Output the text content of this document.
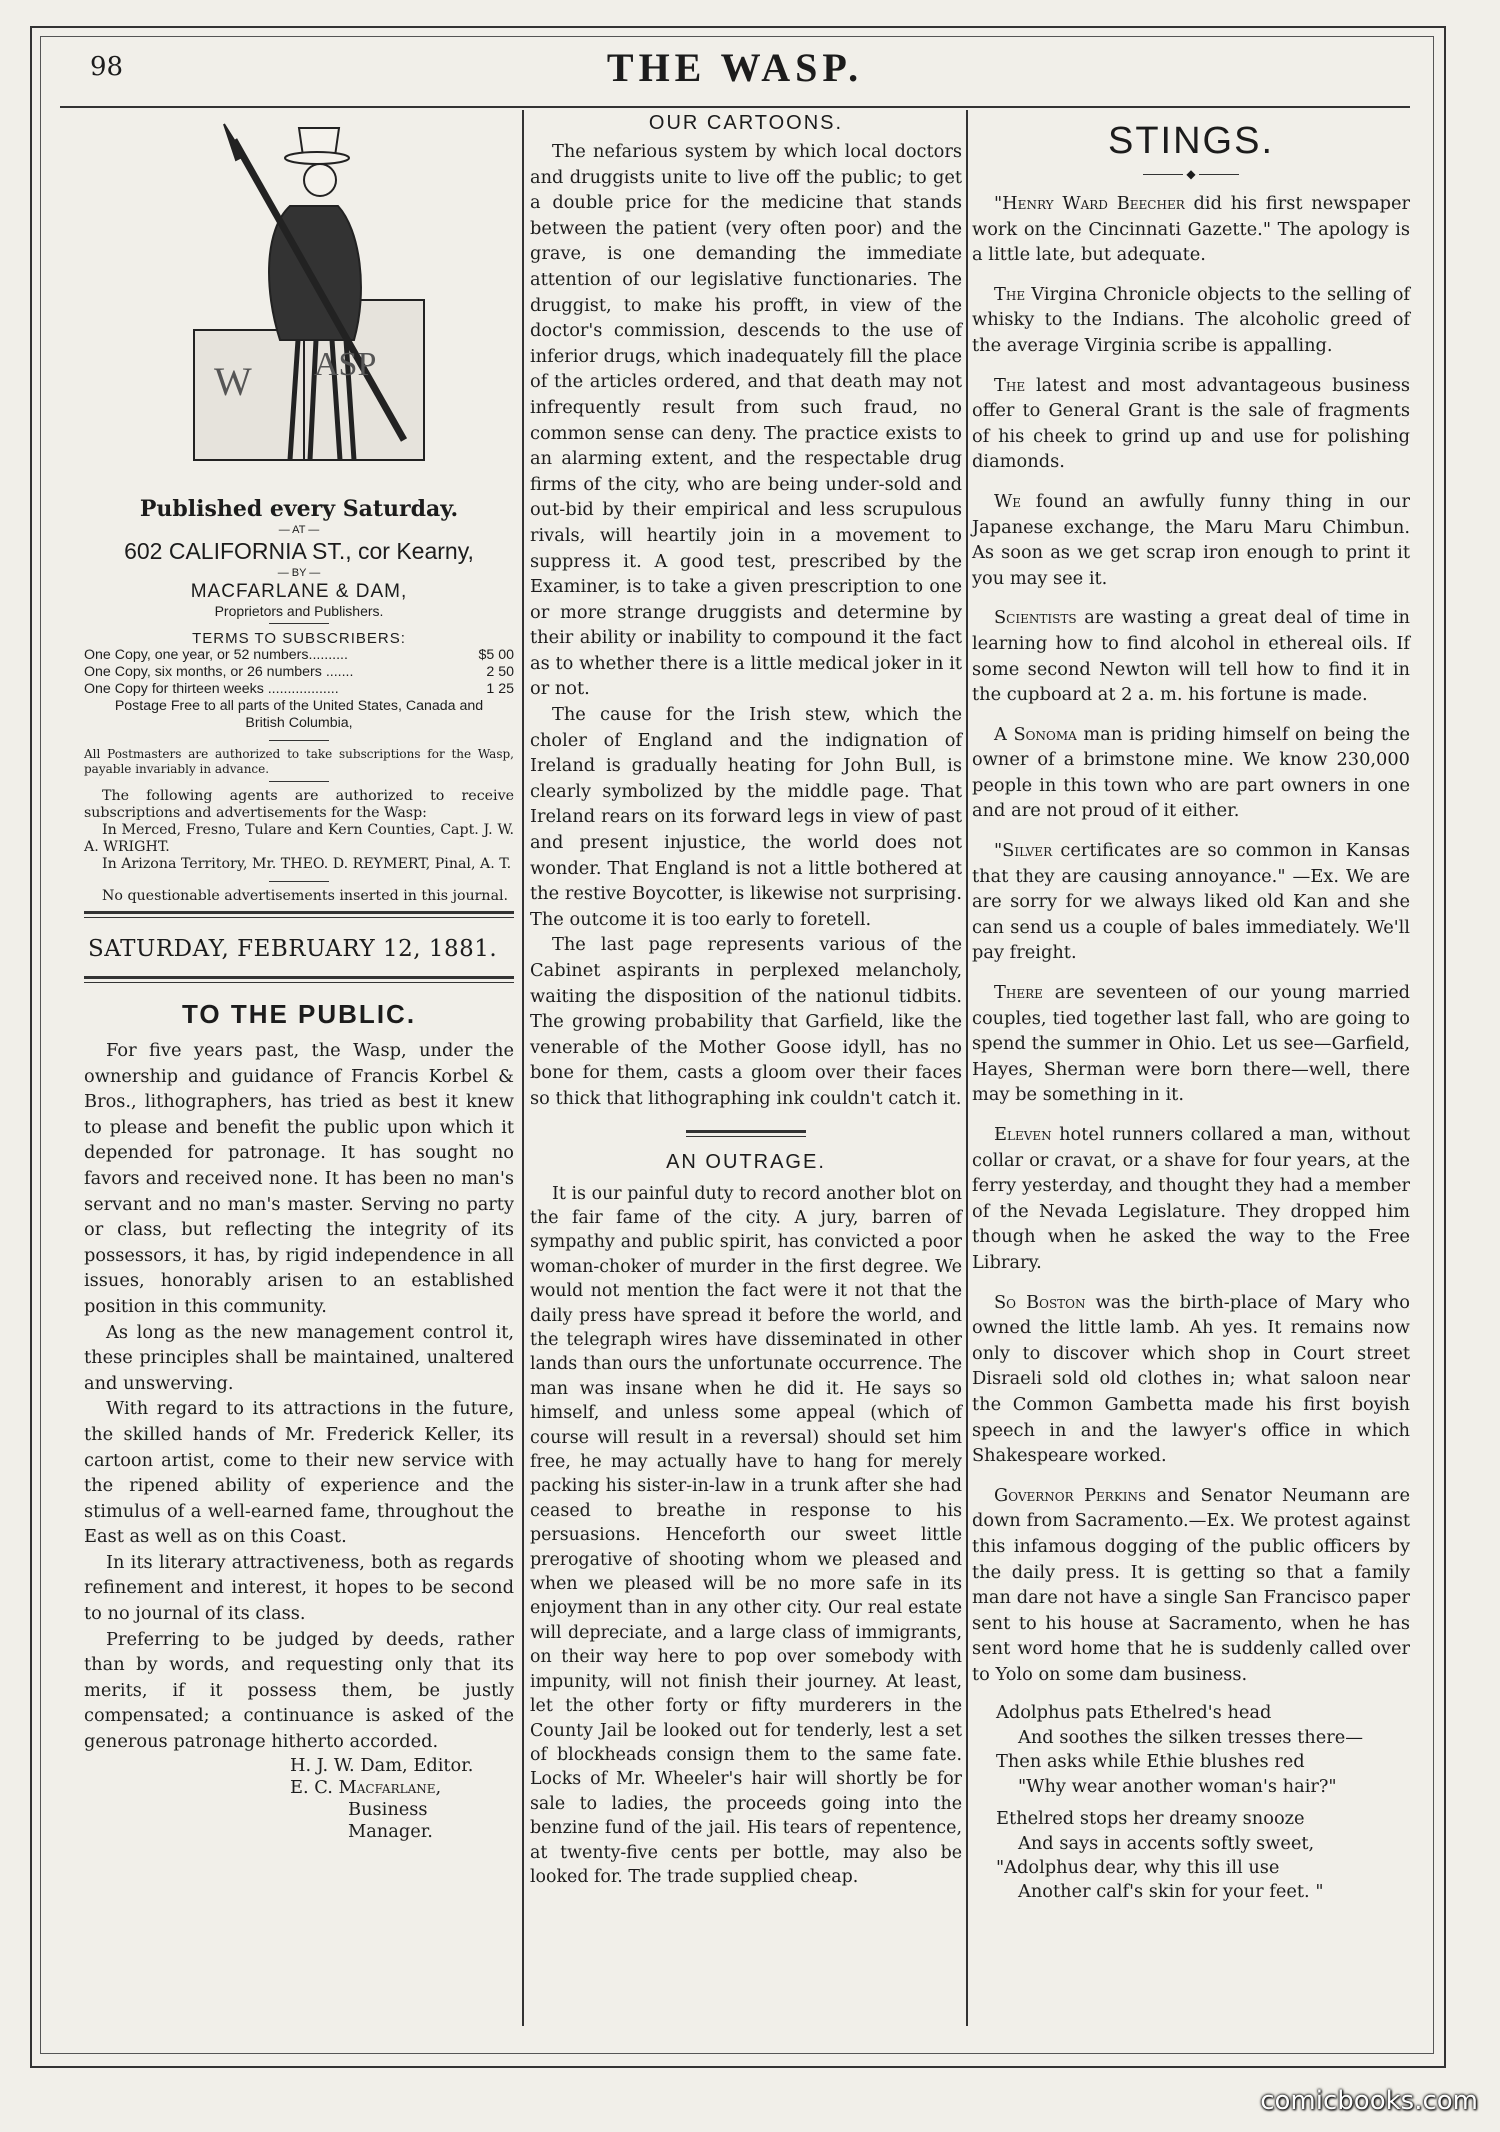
98	THE WASP.
W ASP
Published every Saturday.
— AT —
602 CALIFORNIA ST., cor Kearny,
— BY —
MACFARLANE & DAM,
Proprietors and Publishers.
TERMS TO SUBSCRIBERS:
One Copy, one year, or 52 numbers..........	$5 00
One Copy, six months, or 26 numbers .......	2 50
One Copy for thirteen weeks ..................	1 25
Postage Free to all parts of the United States, Canada and British Columbia,

All Postmasters are authorized to take subscriptions for the Wasp, payable invariably in advance.

The following agents are authorized to receive subscriptions and advertisements for the Wasp:

In Merced, Fresno, Tulare and Kern Counties, Capt. J. W. A. WRIGHT.

In Arizona Territory, Mr. THEO. D. REYMERT, Pinal, A. T.

No questionable advertisements inserted in this journal.

SATURDAY, FEBRUARY 12, 1881.
TO THE PUBLIC.

For five years past, the Wasp, under the ownership and guidance of Francis Korbel & Bros., lithographers, has tried as best it knew to please and benefit the public upon which it depended for patronage. It has sought no favors and received none. It has been no man's servant and no man's master. Serving no party or class, but reflecting the integrity of its possessors, it has, by rigid independence in all issues, honorably arisen to an established position in this community.

As long as the new management control it, these principles shall be maintained, unaltered and unswerving.

With regard to its attractions in the future, the skilled hands of Mr. Frederick Keller, its cartoon artist, come to their new service with the ripened ability of experience and the stimulus of a well-earned fame, throughout the East as well as on this Coast.

In its literary attractiveness, both as regards refinement and interest, it hopes to be second to no journal of its class.

Preferring to be judged by deeds, rather than by words, and requesting only that its merits, if it possess them, be justly compensated; a continuance is asked of the generous patronage hitherto accorded.

H. J. W. Dam, Editor.
E. C. Macfarlane,
Business Manager.
OUR CARTOONS.

The nefarious system by which local doctors and druggists unite to live off the public; to get a double price for the medicine that stands between the patient (very often poor) and the grave, is one demanding the immediate attention of our legislative functionaries. The druggist, to make his profft, in view of the doctor's commission, descends to the use of inferior drugs, which inadequately fill the place of the articles ordered, and that death may not infrequently result from such fraud, no common sense can deny. The practice exists to an alarming extent, and the respectable drug firms of the city, who are being under-sold and out-bid by their empirical and less scrupulous rivals, will heartily join in a movement to suppress it. A good test, prescribed by the Examiner, is to take a given prescription to one or more strange druggists and determine by their ability or inability to compound it the fact as to whether there is a little medical joker in it or not.

The cause for the Irish stew, which the choler of England and the indignation of Ireland is gradually heating for John Bull, is clearly symbolized by the middle page. That Ireland rears on its forward legs in view of past and present injustice, the world does not wonder. That England is not a little bothered at the restive Boycotter, is likewise not surprising. The outcome it is too early to foretell.

The last page represents various of the Cabinet aspirants in perplexed melancholy, waiting the disposition of the nationul tidbits. The growing probability that Garfield, like the venerable of the Mother Goose idyll, has no bone for them, casts a gloom over their faces so thick that lithographing ink couldn't catch it.

AN OUTRAGE.

It is our painful duty to record another blot on the fair fame of the city. A jury, barren of sympathy and public spirit, has convicted a poor woman-choker of murder in the first degree. We would not mention the fact were it not that the daily press have spread it before the world, and the telegraph wires have disseminated in other lands than ours the unfortunate occurrence. The man was insane when he did it. He says so himself, and unless some appeal (which of course will result in a reversal) should set him free, he may actually have to hang for merely packing his sister-in-law in a trunk after she had ceased to breathe in response to his persuasions. Henceforth our sweet little prerogative of shooting whom we pleased and when we pleased will be no more safe in its enjoyment than in any other city. Our real estate will depreciate, and a large class of immigrants, on their way here to pop over somebody with impunity, will not finish their journey. At least, let the other forty or fifty murderers in the County Jail be looked out for tenderly, lest a set of blockheads consign them to the same fate. Locks of Mr. Wheeler's hair will shortly be for sale to ladies, the proceeds going into the benzine fund of the jail. His tears of repentence, at twenty-five cents per bottle, may also be looked for. The trade supplied cheap.

STINGS.
◆

"Henry Ward Beecher did his first newspaper work on the Cincinnati Gazette." The apology is a little late, but adequate.

The Virgina Chronicle objects to the selling of whisky to the Indians. The alcoholic greed of the average Virginia scribe is appalling.

The latest and most advantageous business offer to General Grant is the sale of fragments of his cheek to grind up and use for polishing diamonds.

We found an awfully funny thing in our Japanese exchange, the Maru Maru Chimbun. As soon as we get scrap iron enough to print it you may see it.

Scientists are wasting a great deal of time in learning how to find alcohol in ethereal oils. If some second Newton will tell how to find it in the cupboard at 2 a. m. his fortune is made.

A Sonoma man is priding himself on being the owner of a brimstone mine. We know 230,000 people in this town who are part owners in one and are not proud of it either.

"Silver certificates are so common in Kansas that they are causing annoyance." —Ex. We are are sorry for we always liked old Kan and she can send us a couple of bales immediately. We'll pay freight.

There are seventeen of our young married couples, tied together last fall, who are going to spend the summer in Ohio. Let us see—Garfield, Hayes, Sherman were born there—well, there may be something in it.

Eleven hotel runners collared a man, without collar or cravat, or a shave for four years, at the ferry yesterday, and thought they had a member of the Nevada Legislature. They dropped him though when he asked the way to the Free Library.

So Boston was the birth-place of Mary who owned the little lamb. Ah yes. It remains now only to discover which shop in Court street Disraeli sold old clothes in; what saloon near the Common Gambetta made his first boyish speech in and the lawyer's office in which Shakespeare worked.

Governor Perkins and Senator Neumann are down from Sacramento.—Ex. We protest against this infamous dogging of the public officers by the daily press. It is getting so that a family man dare not have a single San Francisco paper sent to his house at Sacramento, when he has sent word home that he is suddenly called over to Yolo on some dam business.

Adolphus pats Ethelred's head

And soothes the silken tresses there—

Then asks while Ethie blushes red

"Why wear another woman's hair?"

Ethelred stops her dreamy snooze

And says in accents softly sweet,

"Adolphus dear, why this ill use

Another calf's skin for your feet. "

comicbooks.com
